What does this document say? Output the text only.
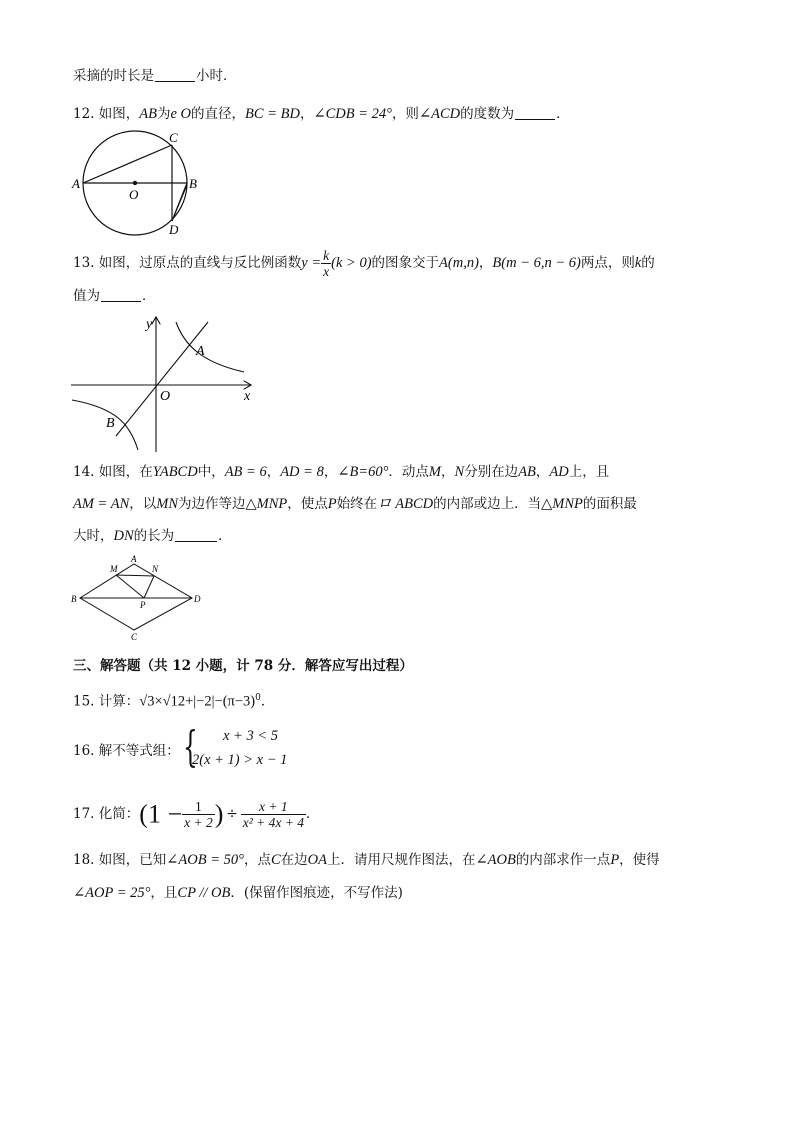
采摘的时长是	小时．
12. 如图，AB为e O的直径，BC = BD，∠CDB = 24°，则∠ACD的度数为	．
A
O
B
C
D
13. 如图，过原点的直线与反比例函数$y = \frac{k}{x} (k > 0)$的图象交于A(m,n)，B(m − 6,n − 6)两点，则k的
值为	．
y
x
O
A
B
14. 如图，在YABCD中，AB = 6，AD = 8，∠B=60°．动点M，N分别在边AB，AD上，且
AM = AN，以MN为边作等边△MNP，使点P始终在ロ ABCD的内部或边上．当△MNP的面积最
大时，DN的长为	．
A
M	N
B
P
D
C
三、解答题（共 12 小题，计 78 分．解答应写出过程）
15. 计算：$√3\times√12+|-2|-(\pi-3)^0$．
16. 解不等式组： { x + 3 < 5
2(x + 1) > x − 1
17. 化简：($1 - \frac{1}{x + 2}$ ) ÷ $\frac{x + 1}{\text{x² + 4x + 4}}$ ．
18. 如图，已知∠AOB = 50°，点C在边OA上．请用尺规作图法，在∠AOB的内部求作一点P，使得
∠AOP = 25°，且CP // OB．(保留作图痕迹，不写作法)
